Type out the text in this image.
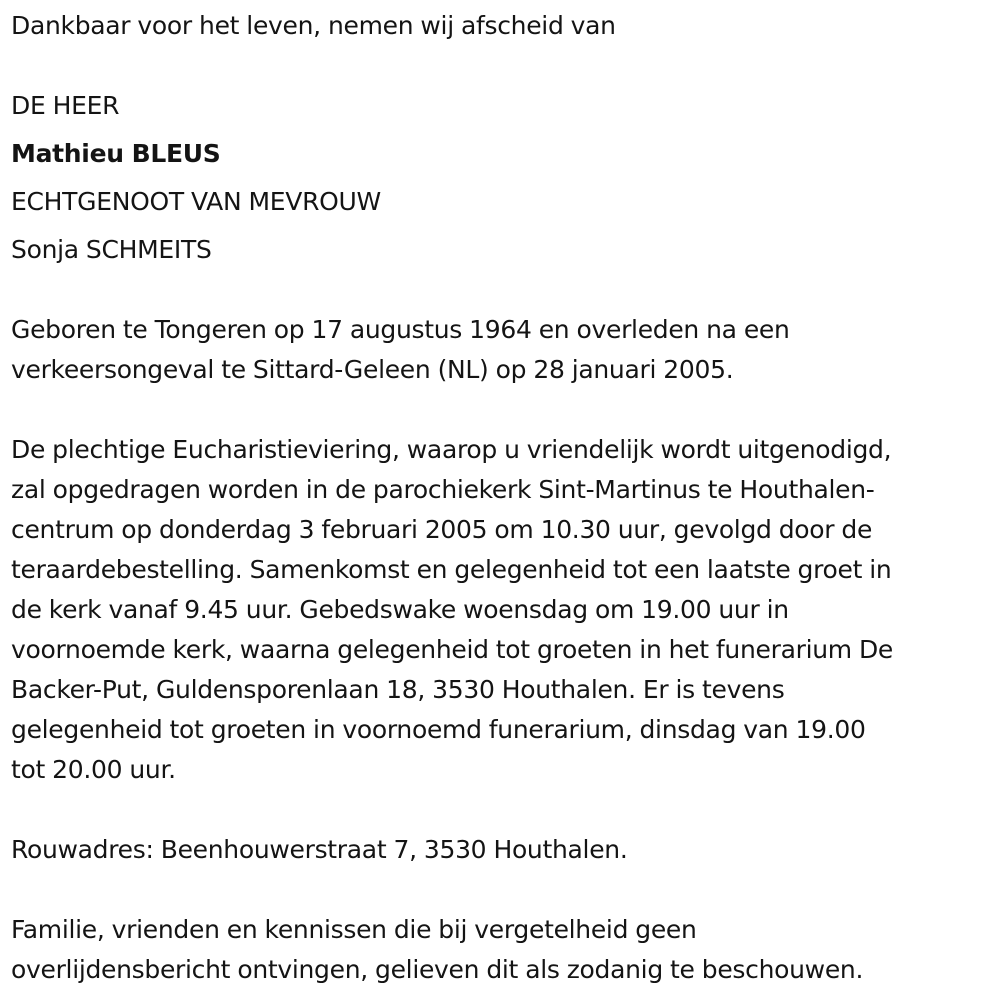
Dankbaar voor het leven, nemen wij afscheid van
DE HEER
Mathieu BLEUS
ECHTGENOOT VAN MEVROUW
Sonja SCHMEITS
Geboren te Tongeren op 17 augustus 1964 en overleden na een
verkeersongeval te Sittard-Geleen (NL) op 28 januari 2005.
De plechtige Eucharistieviering, waarop u vriendelijk wordt uitgenodigd,
zal opgedragen worden in de parochiekerk Sint-Martinus te Houthalen-
centrum op donderdag 3 februari 2005 om 10.30 uur, gevolgd door de
teraardebestelling. Samenkomst en gelegenheid tot een laatste groet in
de kerk vanaf 9.45 uur. Gebedswake woensdag om 19.00 uur in
voornoemde kerk, waarna gelegenheid tot groeten in het funerarium De
Backer-Put, Guldensporenlaan 18, 3530 Houthalen. Er is tevens
gelegenheid tot groeten in voornoemd funerarium, dinsdag van 19.00
tot 20.00 uur.
Rouwadres: Beenhouwerstraat 7, 3530 Houthalen.
Familie, vrienden en kennissen die bij vergetelheid geen
overlijdensbericht ontvingen, gelieven dit als zodanig te beschouwen.
